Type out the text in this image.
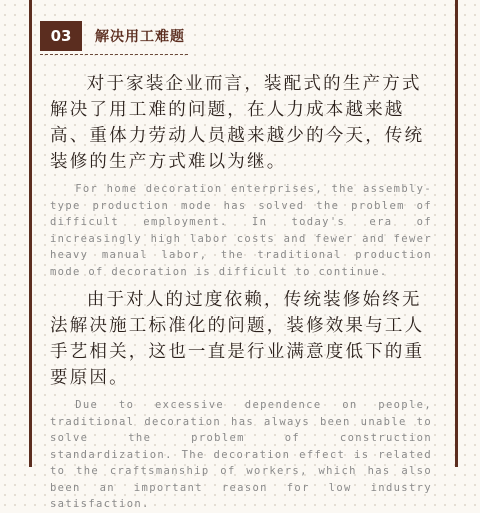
03	解决用工难题

对于家装企业而言，装配式的生产方式解决了用工难的问题，在人力成本越来越高、重体力劳动人员越来越少的今天，传统装修的生产方式难以为继。

For home decoration enterprises, the assembly-type production mode has solved the problem of difficult employment. In today's era of increasingly high labor costs and fewer and fewer heavy manual labor, the traditional production mode of decoration is difficult to continue.

由于对人的过度依赖，传统装修始终无法解决施工标准化的问题，装修效果与工人手艺相关，这也一直是行业满意度低下的重要原因。

Due to excessive dependence on people, traditional decoration has always been unable to solve the problem of construction standardization. The decoration effect is related to the craftsmanship of workers, which has also been an important reason for low industry satisfaction.
